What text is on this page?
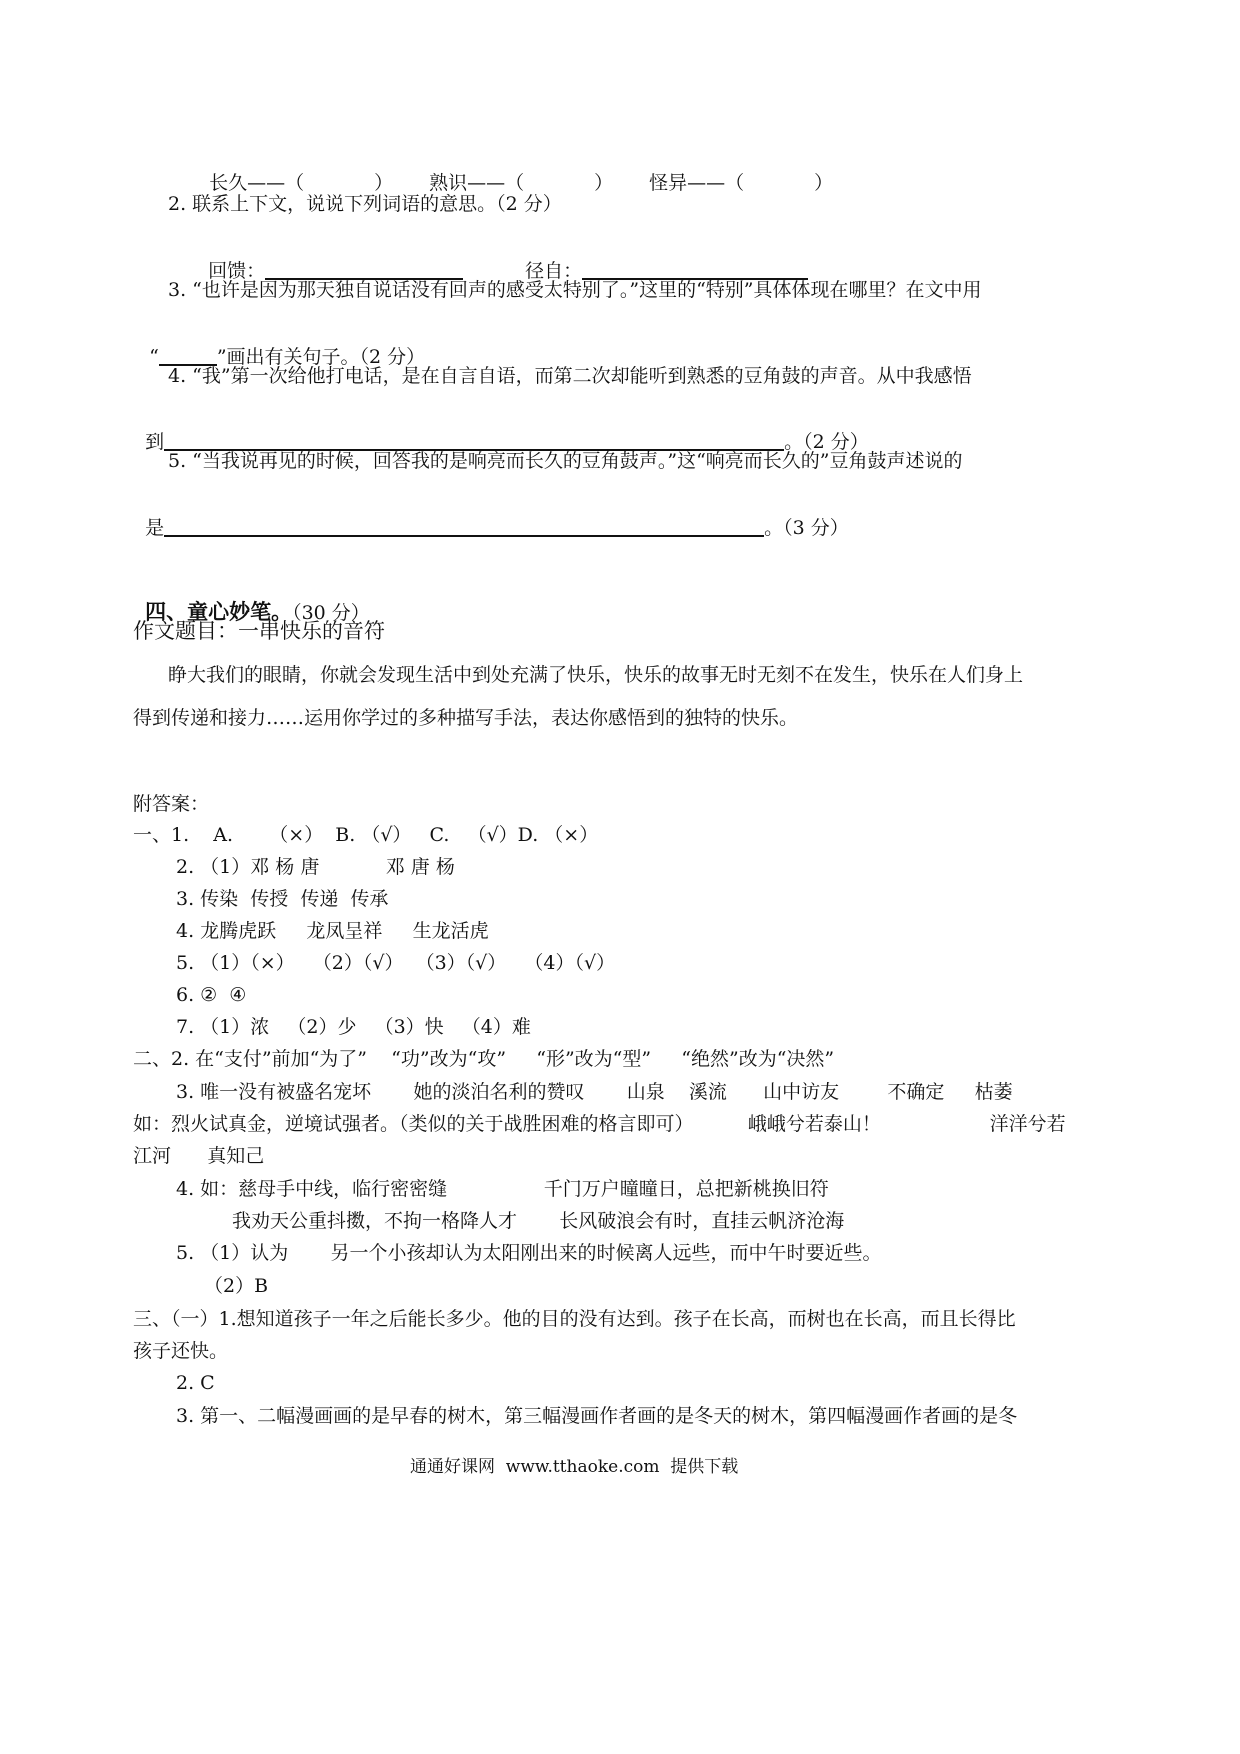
长久——（	） 熟识——（	） 怪异——（	）

2. 联系上下文，说说下列词语的意思。（2 分）

回馈：	径自：

3. “也许是因为那天独自说话没有回声的感受太特别了。”这里的“特别”具体体现在哪里？在文中用

“	”画出有关句子。（2 分）

4. “我”第一次给他打电话，是在自言自语，而第二次却能听到熟悉的豆角鼓的声音。从中我感悟

到	。（2 分）

5. “当我说再见的时候，回答我的是响亮而长久的豆角鼓声。”这“响亮而长久的”豆角鼓声述说的

是	。（3 分）

四、童心妙笔。（30 分）

作文题目：一串快乐的音符
睁大我们的眼睛，你就会发现生活中到处充满了快乐，快乐的故事无时无刻不在发生，快乐在人们身上
得到传递和接力……运用你学过的多种描写手法，表达你感悟到的独特的快乐。
附答案：
一、1.    A.      （×）  B. （√）   C.   （√）D. （×）
2. （1）邓 杨 唐           邓 唐 杨
3. 传染  传授  传递  传承
4. 龙腾虎跃     龙凤呈祥     生龙活虎
5. （1）（×）   （2）（√）  （3）（√）   （4）（√）
6. ②  ④
7. （1）浓   （2）少   （3）快   （4）难
二、2. 在“支付”前加“为了”    “功”改为“攻”     “形”改为“型”     “绝然”改为“决然”
3. 唯一没有被盛名宠坏       她的淡泊名利的赞叹       山泉    溪流      山中访友        不确定     枯萎
如：烈火试真金，逆境试强者。（类似的关于战胜困难的格言即可）         峨峨兮若泰山！                  洋洋兮若
江河      真知己
4. 如：慈母手中线，临行密密缝                千门万户曈曈日，总把新桃换旧符
我劝天公重抖擞，不拘一格降人才       长风破浪会有时，直挂云帆济沧海
5. （1）认为       另一个小孩却认为太阳刚出来的时候离人远些，而中午时要近些。
（2）B
三、（一）1.想知道孩子一年之后能长多少。他的目的没有达到。孩子在长高，而树也在长高，而且长得比
孩子还快。
2. C
3. 第一、二幅漫画画的是早春的树木，第三幅漫画作者画的是冬天的树木，第四幅漫画作者画的是冬
通通好课网  www.tthaoke.com  提供下载
